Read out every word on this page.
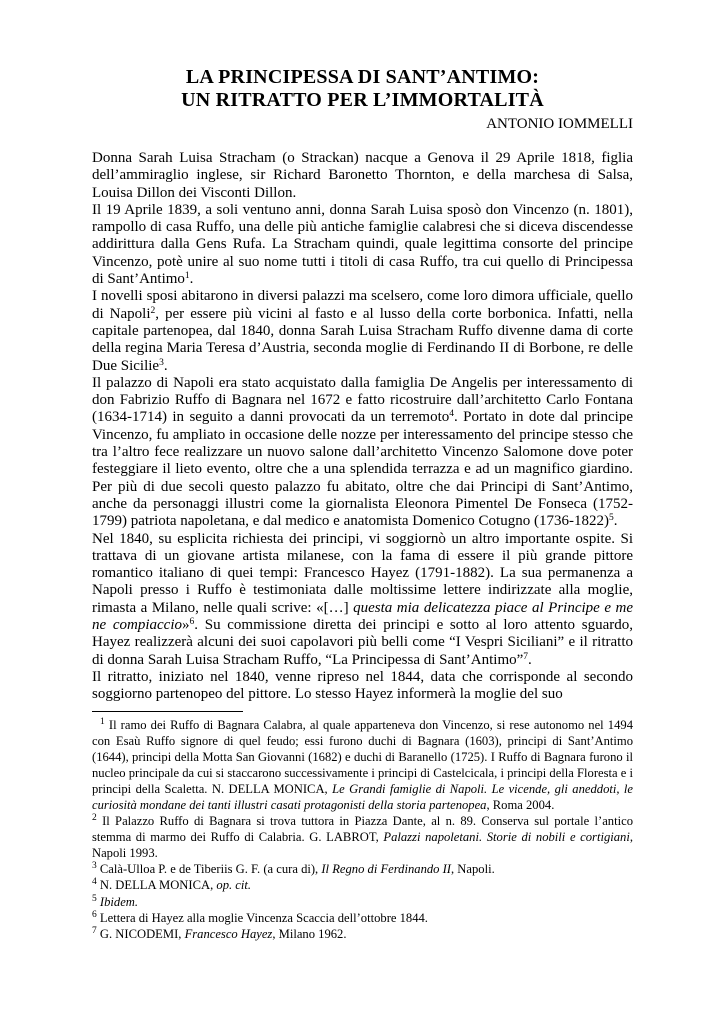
LA PRINCIPESSA DI SANT’ANTIMO:
UN RITRATTO PER L’IMMORTALITÀ
ANTONIO IOMMELLI

Donna Sarah Luisa Stracham (o Strackan) nacque a Genova il 29 Aprile 1818, figlia dell’ammiraglio inglese, sir Richard Baronetto Thornton, e della marchesa di Salsa, Louisa Dillon dei Visconti Dillon.

Il 19 Aprile 1839, a soli ventuno anni, donna Sarah Luisa sposò don Vincenzo (n. 1801), rampollo di casa Ruffo, una delle più antiche famiglie calabresi che si diceva discendesse addirittura dalla Gens Rufa. La Stracham quindi, quale legittima consorte del principe Vincenzo, potè unire al suo nome tutti i titoli di casa Ruffo, tra cui quello di Principessa di Sant’Antimo$^1$.

I novelli sposi abitarono in diversi palazzi ma scelsero, come loro dimora ufficiale, quello di Napoli$^2$, per essere più vicini al fasto e al lusso della corte borbonica. Infatti, nella capitale partenopea, dal 1840, donna Sarah Luisa Stracham Ruffo divenne dama di corte della regina Maria Teresa d’Austria, seconda moglie di Ferdinando II di Borbone, re delle Due Sicilie$^3$.

Il palazzo di Napoli era stato acquistato dalla famiglia De Angelis per interessamento di don Fabrizio Ruffo di Bagnara nel 1672 e fatto ricostruire dall’architetto Carlo Fontana (1634-1714) in seguito a danni provocati da un terremoto$^4$. Portato in dote dal principe Vincenzo, fu ampliato in occasione delle nozze per interessamento del principe stesso che tra l’altro fece realizzare un nuovo salone dall’architetto Vincenzo Salomone dove poter festeggiare il lieto evento, oltre che a una splendida terrazza e ad un magnifico giardino. Per più di due secoli questo palazzo fu abitato, oltre che dai Principi di Sant’Antimo, anche da personaggi illustri come la giornalista Eleonora Pimentel De Fonseca (1752-1799) patriota napoletana, e dal medico e anatomista Domenico Cotugno (1736-1822)$^5$.

Nel 1840, su esplicita richiesta dei principi, vi soggiornò un altro importante ospite. Si trattava di un giovane artista milanese, con la fama di essere il più grande pittore romantico italiano di quei tempi: Francesco Hayez (1791-1882). La sua permanenza a Napoli presso i Ruffo è testimoniata dalle moltissime lettere indirizzate alla moglie, rimasta a Milano, nelle quali scrive: «[…] questa mia delicatezza piace al Principe e me ne compiaccio»$^6$. Su commissione diretta dei principi e sotto al loro attento sguardo, Hayez realizzerà alcuni dei suoi capolavori più belli come “I Vespri Siciliani” e il ritratto di donna Sarah Luisa Stracham Ruffo, “La Principessa di Sant’Antimo”$^7$.

Il ritratto, iniziato nel 1840, venne ripreso nel 1844, data che corrisponde al secondo soggiorno partenopeo del pittore. Lo stesso Hayez informerà la moglie del suo

$^1$ Il ramo dei Ruffo di Bagnara Calabra, al quale apparteneva don Vincenzo, si rese autonomo nel 1494 con Esaù Ruffo signore di quel feudo; essi furono duchi di Bagnara (1603), principi di Sant’Antimo (1644), principi della Motta San Giovanni (1682) e duchi di Baranello (1725). I Ruffo di Bagnara furono il nucleo principale da cui si staccarono successivamente i principi di Castelcicala, i principi della Floresta e i principi della Scaletta. N. DELLA MONICA, Le Grandi famiglie di Napoli. Le vicende, gli aneddoti, le curiosità mondane dei tanti illustri casati protagonisti della storia partenopea, Roma 2004.
$^2$ Il Palazzo Ruffo di Bagnara si trova tuttora in Piazza Dante, al n. 89. Conserva sul portale l’antico stemma di marmo dei Ruffo di Calabria. G. LABROT, Palazzi napoletani. Storie di nobili e cortigiani, Napoli 1993.
$^3$ Calà-Ulloa P. e de Tiberiis G. F. (a cura di), Il Regno di Ferdinando II, Napoli.
$^4$ N. DELLA MONICA, op. cit.
$^5$ Ibidem.
$^6$ Lettera di Hayez alla moglie Vincenza Scaccia dell’ottobre 1844.
$^7$ G. NICODEMI, Francesco Hayez, Milano 1962.
